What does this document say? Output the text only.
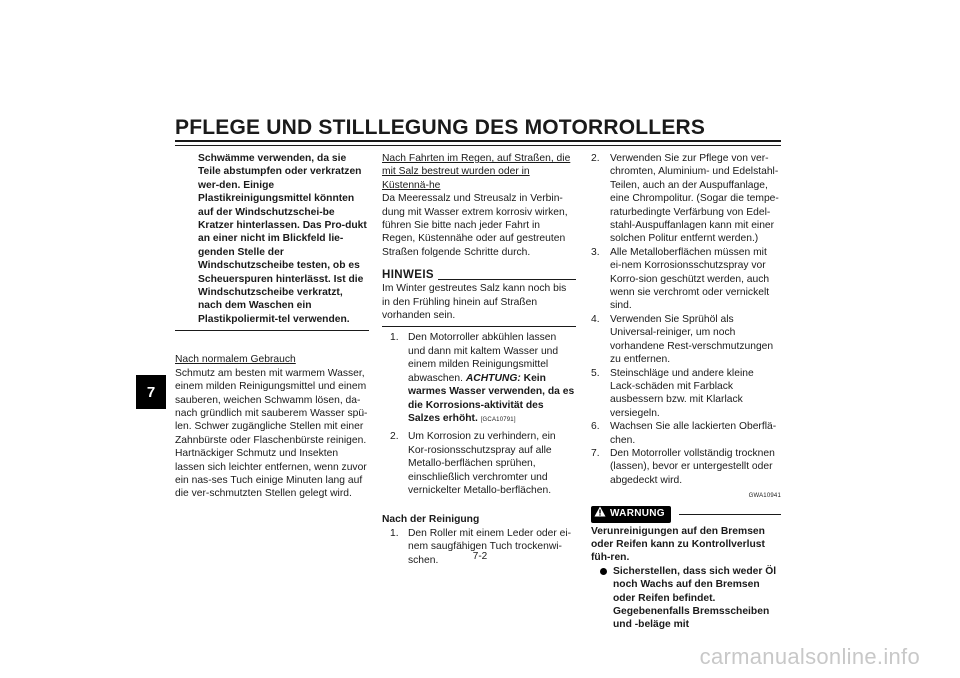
PFLEGE UND STILLLEGUNG DES MOTORROLLERS
7

Schwämme verwenden, da sie Teile abstumpfen oder verkratzen wer-den. Einige Plastikreinigungsmittel könnten auf der Windschutzschei-be Kratzer hinterlassen. Das Pro-dukt an einer nicht im Blickfeld lie-genden Stelle der Windschutzscheibe testen, ob es Scheuerspuren hinterlässt. Ist die Windschutzscheibe verkratzt, nach dem Waschen ein Plastikpoliermit-tel verwenden.

Nach normalem Gebrauch

Schmutz am besten mit warmem Wasser, einem milden Reinigungsmittel und einem sauberen, weichen Schwamm lösen, da-nach gründlich mit sauberem Wasser spü-len. Schwer zugängliche Stellen mit einer Zahnbürste oder Flaschenbürste reinigen. Hartnäckiger Schmutz und Insekten lassen sich leichter entfernen, wenn zuvor ein nas-ses Tuch einige Minuten lang auf die ver-schmutzten Stellen gelegt wird.

Nach Fahrten im Regen, auf Straßen, die mit Salz bestreut wurden oder in Küstennä-he

Da Meeressalz und Streusalz in Verbin-dung mit Wasser extrem korrosiv wirken, führen Sie bitte nach jeder Fahrt in Regen, Küstennähe oder auf gestreuten Straßen folgende Schritte durch.

HINWEIS

Im Winter gestreutes Salz kann noch bis in den Frühling hinein auf Straßen vorhanden sein.

1. Den Motorroller abkühlen lassen und dann mit kaltem Wasser und einem milden Reinigungsmittel abwaschen. ACHTUNG: Kein warmes Wasser verwenden, da es die Korrosions-aktivität des Salzes erhöht. [GCA10791]
2. Um Korrosion zu verhindern, ein Kor-rosionsschutzspray auf alle Metallo-berflächen sprühen, einschließlich verchromter und vernickelter Metallo-berflächen.

Nach der Reinigung

1. Den Roller mit einem Leder oder ei-nem saugfähigen Tuch trockenwi-schen.
2. Verwenden Sie zur Pflege von ver-chromten, Aluminium- und Edelstahl-Teilen, auch an der Auspuffanlage, eine Chrompolitur. (Sogar die tempe-raturbedingte Verfärbung von Edel-stahl-Auspuffanlagen kann mit einer solchen Politur entfernt werden.)
3. Alle Metalloberflächen müssen mit ei-nem Korrosionsschutzspray vor Korro-sion geschützt werden, auch wenn sie verchromt oder vernickelt sind.
4. Verwenden Sie Sprühöl als Universal-reiniger, um noch vorhandene Rest-verschmutzungen zu entfernen.
5. Steinschläge und andere kleine Lack-schäden mit Farblack ausbessern bzw. mit Klarlack versiegeln.
6. Wachsen Sie alle lackierten Oberflä-chen.
7. Den Motorroller vollständig trocknen (lassen), bevor er untergestellt oder abgedeckt wird.
GWA10941
WARNUNG

Verunreinigungen auf den Bremsen oder Reifen kann zu Kontrollverlust füh-ren.

Sicherstellen, dass sich weder Öl noch Wachs auf den Bremsen oder Reifen befindet. Gegebenenfalls Bremsscheiben und -beläge mit
7-2
carmanualsonline.info
